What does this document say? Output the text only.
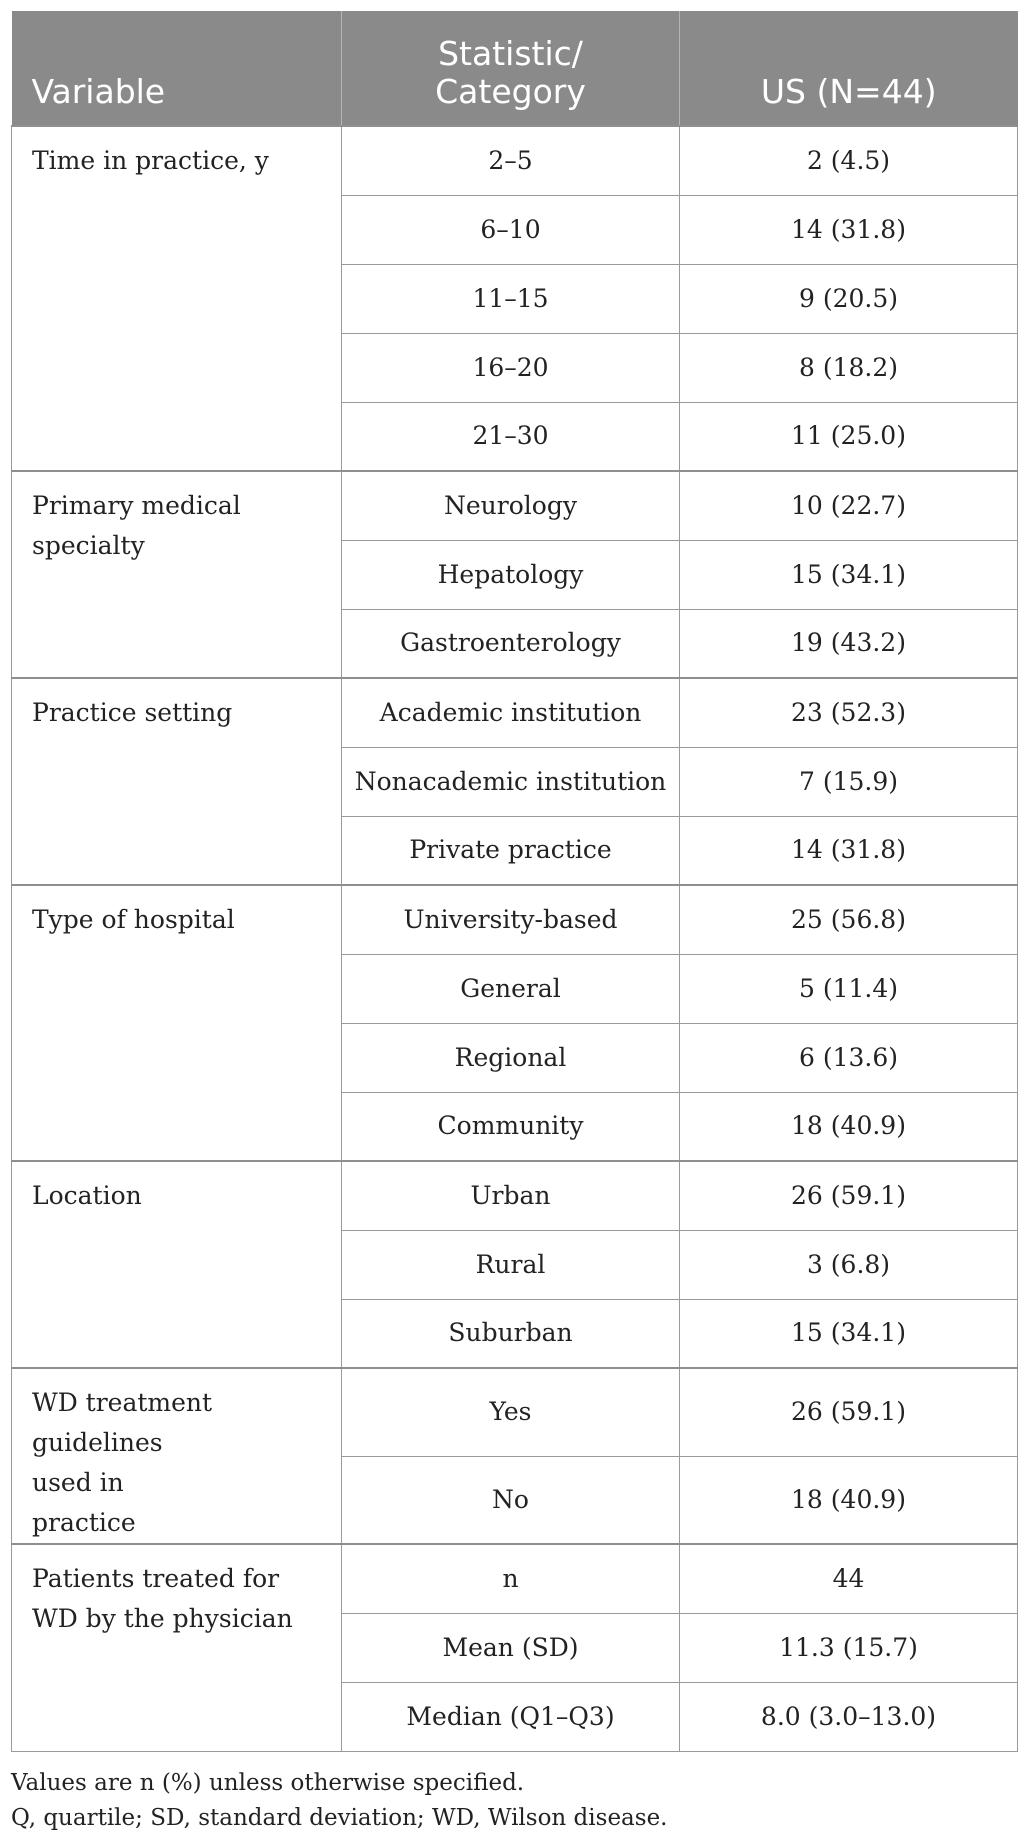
Variable	Statistic/ Category	US (N=44)
Time in practice, y	2–5	2 (4.5)
	6–10	14 (31.8)
	11–15	9 (20.5)
	16–20	8 (18.2)
	21–30	11 (25.0)
Primary medical specialty	Neurology	10 (22.7)
	Hepatology	15 (34.1)
	Gastroenterology	19 (43.2)
Practice setting	Academic institution	23 (52.3)
	Nonacademic institution	7 (15.9)
	Private practice	14 (31.8)
Type of hospital	University-based	25 (56.8)
	General	5 (11.4)
	Regional	6 (13.6)
	Community	18 (40.9)
Location	Urban	26 (59.1)
	Rural	3 (6.8)
	Suburban	15 (34.1)
WD treatment guidelines used in practice	Yes	26 (59.1)
	No	18 (40.9)
Patients treated for WD by the physician	n	44
	Mean (SD)	11.3 (15.7)
	Median (Q1–Q3)	8.0 (3.0–13.0)

Values are n (%) unless otherwise specified.

Q, quartile; SD, standard deviation; WD, Wilson disease.
